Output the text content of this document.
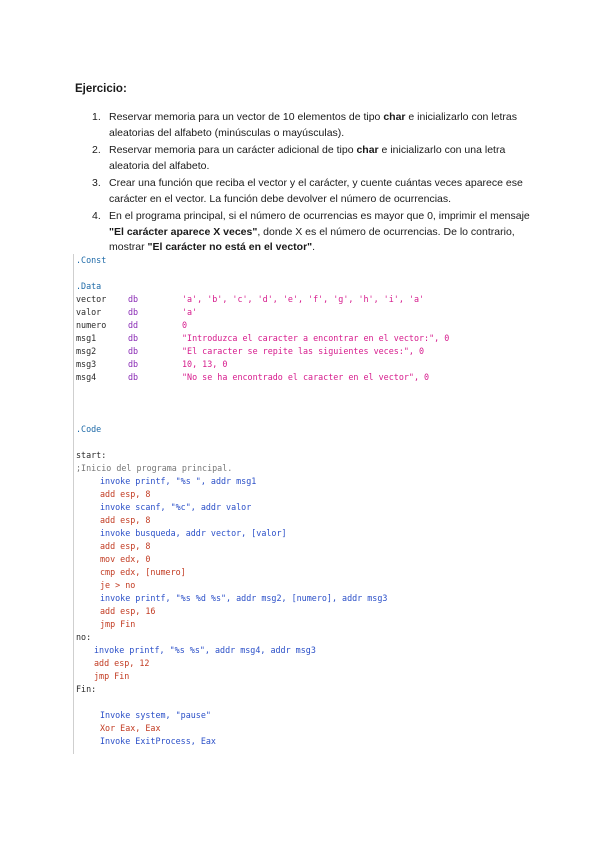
Ejercicio:
1. Reservar memoria para un vector de 10 elementos de tipo char e inicializarlo con letras aleatorias del alfabeto (minúsculas o mayúsculas).
2. Reservar memoria para un carácter adicional de tipo char e inicializarlo con una letra aleatoria del alfabeto.
3. Crear una función que reciba el vector y el carácter, y cuente cuántas veces aparece ese carácter en el vector. La función debe devolver el número de ocurrencias.
4. En el programa principal, si el número de ocurrencias es mayor que 0, imprimir el mensaje "El carácter aparece X veces", donde X es el número de ocurrencias. De lo contrario, mostrar "El carácter no está en el vector".
.Const
.Data
vector	db	'a', 'b', 'c', 'd', 'e', 'f', 'g', 'h', 'i', 'a'
valor	db	'a'
numero	dd	0
msg1	db	"Introduzca el caracter a encontrar en el vector:", 0
msg2	db	"El caracter se repite las siguientes veces:", 0
msg3	db	10, 13, 0
msg4	db	"No se ha encontrado el caracter en el vector", 0
.Code
start:
;Inicio del programa principal.
invoke printf, "%s ", addr msg1
add esp, 8
invoke scanf, "%c", addr valor
add esp, 8
invoke busqueda, addr vector, [valor]
add esp, 8
mov edx, 0
cmp edx, [numero]
je > no
invoke printf, "%s %d %s", addr msg2, [numero], addr msg3
add esp, 16
jmp Fin
no:
invoke printf, "%s %s", addr msg4, addr msg3
add esp, 12
jmp Fin
Fin:
Invoke system, "pause"
Xor Eax, Eax
Invoke ExitProcess, Eax
